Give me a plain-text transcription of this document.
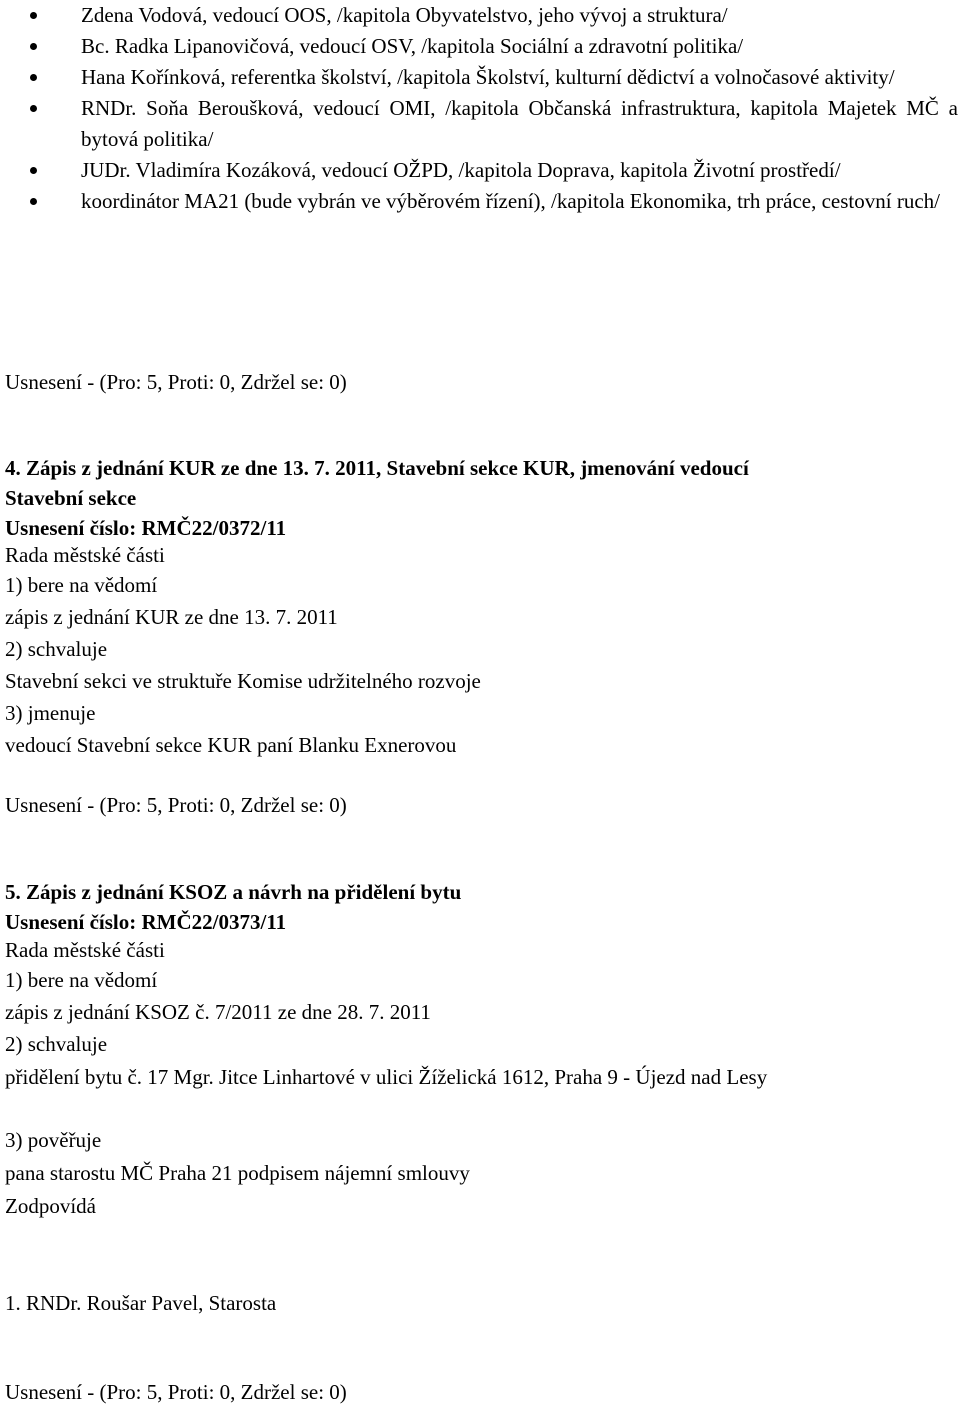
Zdena Vodová, vedoucí OOS, /kapitola Obyvatelstvo, jeho vývoj a struktura/
Bc. Radka Lipanovičová, vedoucí OSV, /kapitola Sociální a zdravotní politika/
Hana Kořínková, referentka školství, /kapitola Školství, kulturní dědictví a volnočasové aktivity/
RNDr. Soňa Beroušková, vedoucí OMI, /kapitola Občanská infrastruktura, kapitola Majetek MČ a bytová politika/
JUDr. Vladimíra Kozáková, vedoucí OŽPD, /kapitola Doprava, kapitola Životní prostředí/
koordinátor MA21 (bude vybrán ve výběrovém řízení), /kapitola Ekonomika, trh práce, cestovní ruch/
Usnesení - (Pro: 5, Proti: 0, Zdržel se: 0)
4. Zápis z jednání KUR ze dne 13. 7. 2011, Stavební sekce KUR, jmenování vedoucí
Stavební sekce
Usnesení číslo: RMČ22/0372/11
Rada městské části
1) bere na vědomí
zápis z jednání KUR ze dne 13. 7. 2011
2) schvaluje
Stavební sekci ve struktuře Komise udržitelného rozvoje
3) jmenuje
vedoucí Stavební sekce KUR paní Blanku Exnerovou
Usnesení - (Pro: 5, Proti: 0, Zdržel se: 0)
5. Zápis z jednání KSOZ a návrh na přidělení bytu
Usnesení číslo: RMČ22/0373/11
Rada městské části
1) bere na vědomí
zápis z jednání KSOZ č. 7/2011 ze dne 28. 7. 2011
2) schvaluje
přidělení bytu č. 17 Mgr. Jitce Linhartové v ulici Žíželická 1612, Praha 9 - Újezd nad Lesy
3) pověřuje
pana starostu MČ Praha 21 podpisem nájemní smlouvy
Zodpovídá
1. RNDr. Roušar Pavel, Starosta
Usnesení - (Pro: 5, Proti: 0, Zdržel se: 0)
